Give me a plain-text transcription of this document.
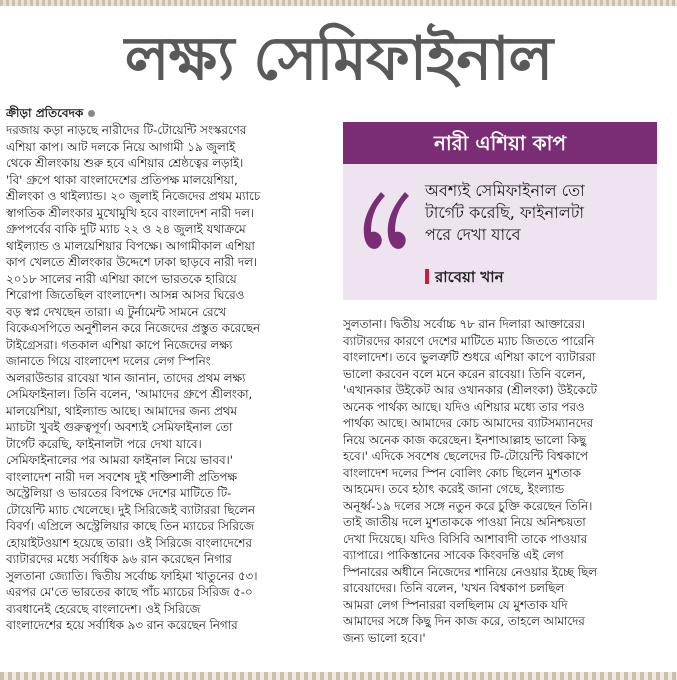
লক্ষ্য সেমিফাইনাল
ক্রীড়া প্রতিবেদক
দরজায় কড়া নাড়ছে নারীদের টি-টোয়েন্টি সংস্করণের
এশিয়া কাপ। আট দলকে নিয়ে আগামী ১৯ জুলাই
থেকে শ্রীলংকায় শুরু হবে এশিয়ার শ্রেষ্ঠত্বের লড়াই।
'বি' গ্রুপে থাকা বাংলাদেশের প্রতিপক্ষ মালয়েশিয়া,
শ্রীলংকা ও থাইল্যান্ড। ২০ জুলাই নিজেদের প্রথম ম্যাচে
স্বাগতিক শ্রীলংকার মুখোমুখি হবে বাংলাদেশ নারী দল।
গ্রুপপর্বের বাকি দুটি ম্যাচ ২২ ও ২৪ জুলাই যথাক্রমে
থাইল্যান্ড ও মালয়েশিয়ার বিপক্ষে। আগামীকাল এশিয়া
কাপ খেলতে শ্রীলংকার উদ্দেশে ঢাকা ছাড়বে নারী দল।
২০১৮ সালের নারী এশিয়া কাপে ভারতকে হারিয়ে
শিরোপা জিতেছিল বাংলাদেশ। আসন্ন আসর ঘিরেও
বড় স্বপ্ন দেখছেন তারা। এ টুর্নামেন্ট সামনে রেখে
বিকেএসপিতে অনুশীলন করে নিজেদের প্রস্তুত করেছেন
টাইগ্রেসরা। গতকাল এশিয়া কাপে নিজেদের লক্ষ্য
জানাতে গিয়ে বাংলাদেশ দলের লেগ স্পিনিং
অলরাউন্ডার রাবেয়া খান জানান, তাদের প্রথম লক্ষ্য
সেমিফাইনাল। তিনি বলেন, 'আমাদের গ্রুপে শ্রীলংকা,
মালয়েশিয়া, থাইল্যান্ড আছে। আমাদের জন্য প্রথম
ম্যাচটা খুবই গুরুত্বপূর্ণ। অবশ্যই সেমিফাইনাল তো
টার্গেট করেছি, ফাইনালটা পরে দেখা যাবে।
সেমিফাইনালের পর আমরা ফাইনাল নিয়ে ভাবব।'
বাংলাদেশ নারী দল সবশেষ দুই শক্তিশালী প্রতিপক্ষ
অস্ট্রেলিয়া ও ভারতের বিপক্ষে দেশের মাটিতে টি-
টোয়েন্টি ম্যাচ খেলেছে। দুই সিরিজেই ব্যাটাররা ছিলেন
বিবর্ণ। এপ্রিলে অস্ট্রেলিয়ার কাছে তিন ম্যাচের সিরিজে
হোয়াইটওয়াশ হয়েছে তারা। ওই সিরিজে বাংলাদেশের
ব্যাটারদের মধ্যে সর্বাধিক ৯৬ রান করেছেন নিগার
সুলতানা জ্যোতি। দ্বিতীয় সর্বোচ্চ ফাহিমা খাতুনের ৫৩।
এরপর মে'তে ভারতের কাছে পাঁচ ম্যাচের সিরিজ ৫-০
ব্যবধানেই হেরেছে বাংলাদেশ। ওই সিরিজে
বাংলাদেশের হয়ে সর্বাধিক ৯৩ রান করেছেন নিগার
নারী এশিয়া কাপ
অবশ্যই সেমিফাইনাল তো
টার্গেট করেছি, ফাইনালটা
পরে দেখা যাবে
রাবেয়া খান
সুলতানা। দ্বিতীয় সর্বোচ্চ ৭৮ রান দিলারা আক্তারের।
ব্যাটারদের কারণে দেশের মাটিতে ম্যাচ জিততে পারেনি
বাংলাদেশ। তবে ভুলত্রুটি শুধরে এশিয়া কাপে ব্যাটাররা
ভালো করবেন বলে মনে করেন রাবেয়া। তিনি বলেন,
'এখানকার উইকেট আর ওখানকার (শ্রীলংকা) উইকেটে
অনেক পার্থক্য আছে। যদিও এশিয়ার মধ্যে তার পরও
পার্থক্য আছে। আমাদের কোচ আমাদের ব্যাটসম্যানদের
নিয়ে অনেক কাজ করেছেন। ইনশাআল্লাহ ভালো কিছু
হবে।' এদিকে সবশেষ ছেলেদের টি-টোয়েন্টি বিশ্বকাপে
বাংলাদেশ দলের স্পিন বোলিং কোচ ছিলেন মুশতাক
আহমেদ। তবে হঠাৎ করেই জানা গেছে, ইংল্যান্ড
অনূর্ধ্ব-১৯ দলের সঙ্গে নতুন করে চুক্তি করেছেন তিনি।
তাই জাতীয় দলে মুশতাককে পাওয়া নিয়ে অনিশ্চয়তা
দেখা দিয়েছে। যদিও বিসিবি আশাবাদী তাকে পাওয়ার
ব্যাপারে। পাকিস্তানের সাবেক কিংবদন্তি এই লেগ
স্পিনারের অধীনে নিজেদের শানিয়ে নেওয়ার ইচ্ছে ছিল
রাবেয়াদের। তিনি বলেন, 'যখন বিশ্বকাপ চলছিল
আমরা লেগ স্পিনাররা বলছিলাম যে মুশতাক যদি
আমাদের সঙ্গে কিছু দিন কাজ করে, তাহলে আমাদের
জন্য ভালো হবে।'
